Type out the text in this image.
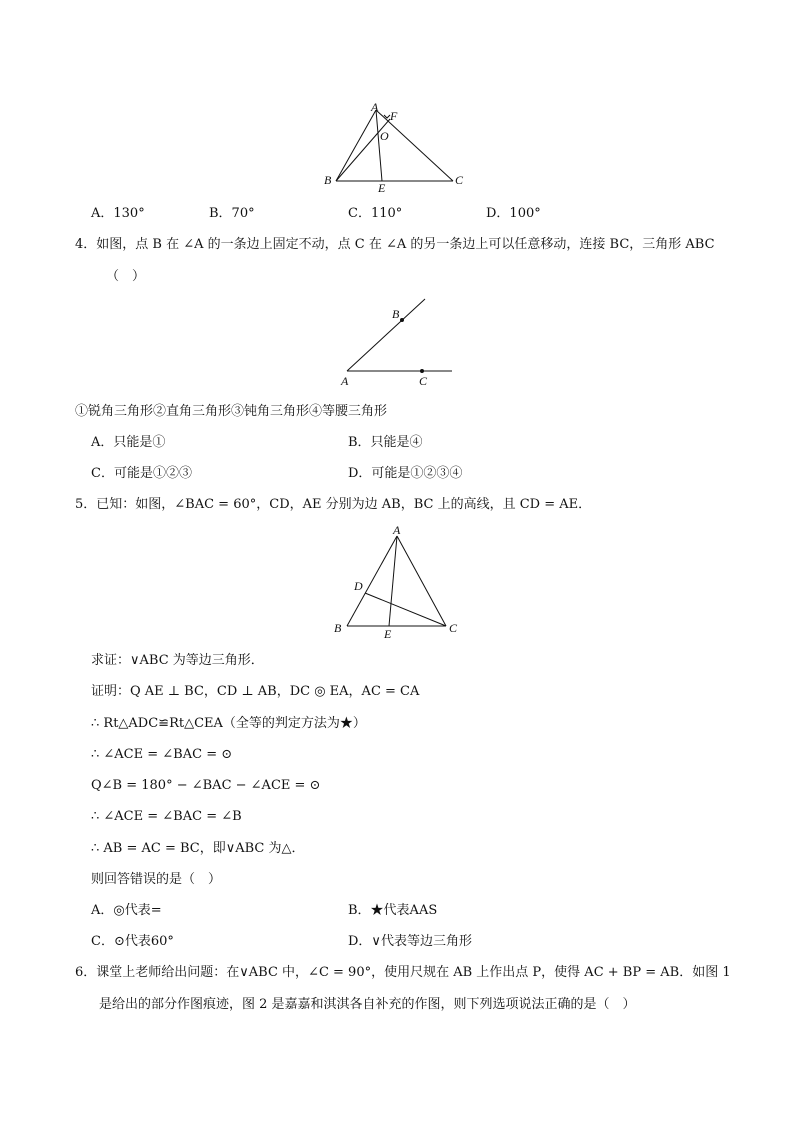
A
F
O
B
E
C
A．130°	B．70°	C．110°	D．100°
4．如图，点 B 在 ∠A 的一条边上固定不动，点 C 在 ∠A 的另一条边上可以任意移动，连接 BC，三角形 ABC
（　）
B
A	C
①锐角三角形②直角三角形③钝角三角形④等腰三角形
A．只能是①	B．只能是④
C．可能是①②③	D．可能是①②③④
5．已知：如图，∠BAC = 60°，CD，AE 分别为边 AB，BC 上的高线，且 CD = AE．
A
D
B	E	C
求证：∨ABC 为等边三角形．
证明：Q AE ⊥ BC，CD ⊥ AB，DC ◎ EA，AC = CA
∴ Rt△ADC≌Rt△CEA（全等的判定方法为★）
∴ ∠ACE = ∠BAC = ⊙
Q∠B = 180° − ∠BAC − ∠ACE = ⊙
∴ ∠ACE = ∠BAC = ∠B
∴ AB = AC = BC，即∨ABC 为△．
则回答错误的是（　）
A．◎代表=	B．★代表AAS
C．⊙代表60°	D．∨代表等边三角形
6．课堂上老师给出问题：在∨ABC 中，∠C = 90°，使用尺规在 AB 上作出点 P，使得 AC + BP = AB．如图 1
是给出的部分作图痕迹，图 2 是嘉嘉和淇淇各自补充的作图，则下列选项说法正确的是（　）
